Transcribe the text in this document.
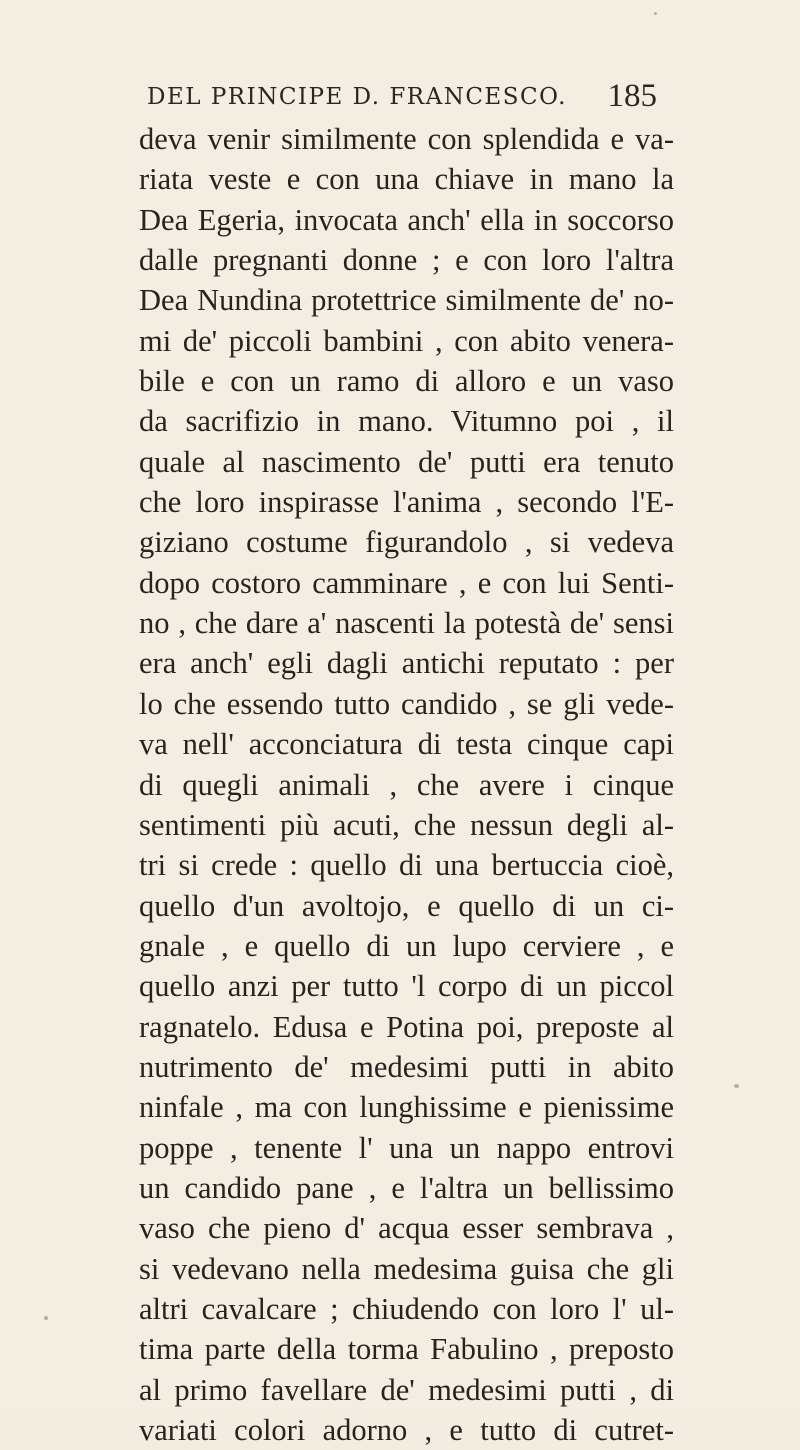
DEL PRINCIPE D. FRANCESCO. 185
deva venir similmente con splendida e va-
riata veste e con una chiave in mano la
Dea Egeria, invocata anch' ella in soccorso
dalle pregnanti donne ; e con loro l'altra
Dea Nundina protettrice similmente de' no-
mi de' piccoli bambini , con abito venera-
bile e con un ramo di alloro e un vaso
da sacrifizio in mano. Vitumno poi , il
quale al nascimento de' putti era tenuto
che loro inspirasse l'anima , secondo l'E-
giziano costume figurandolo , si vedeva
dopo costoro camminare , e con lui Senti-
no , che dare a' nascenti la potestà de' sensi
era anch' egli dagli antichi reputato : per
lo che essendo tutto candido , se gli vede-
va nell' acconciatura di testa cinque capi
di quegli animali , che avere i cinque
sentimenti più acuti, che nessun degli al-
tri si crede : quello di una bertuccia cioè,
quello d'un avoltojo, e quello di un ci-
gnale , e quello di un lupo cerviere , e
quello anzi per tutto 'l corpo di un piccol
ragnatelo. Edusa e Potina poi, preposte al
nutrimento de' medesimi putti in abito
ninfale , ma con lunghissime e pienissime
poppe , tenente l' una un nappo entrovi
un candido pane , e l'altra un bellissimo
vaso che pieno d' acqua esser sembrava ,
si vedevano nella medesima guisa che gli
altri cavalcare ; chiudendo con loro l' ul-
tima parte della torma Fabulino , preposto
al primo favellare de' medesimi putti , di
variati colori adorno , e tutto di cutret-
